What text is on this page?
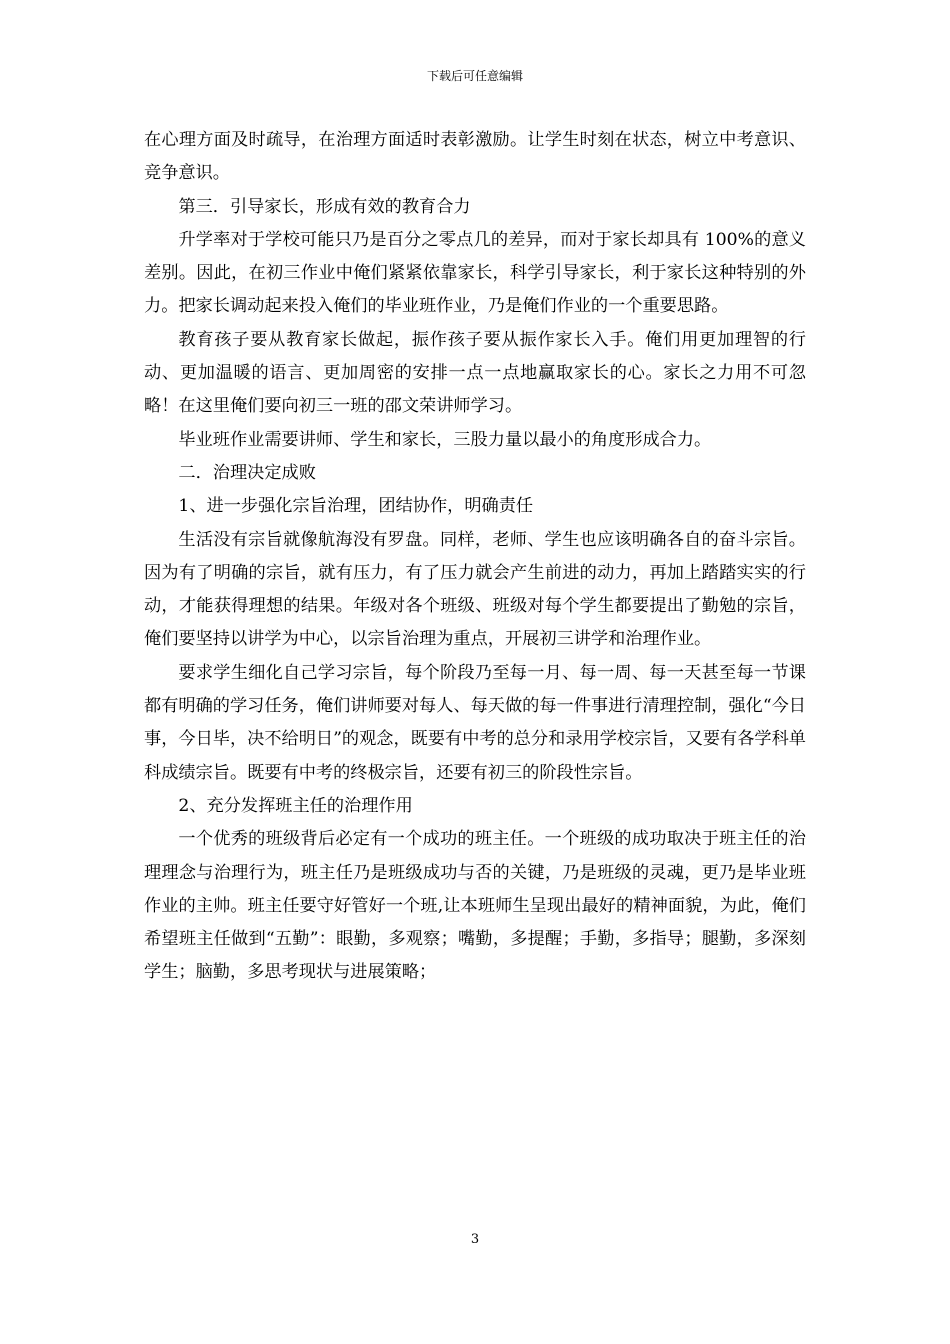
下载后可任意编辑

在心理方面及时疏导，在治理方面适时表彰激励。让学生时刻在状态，树立中考意识、竞争意识。

第三．引导家长，形成有效的教育合力

升学率对于学校可能只乃是百分之零点几的差异，而对于家长却具有 100%的意义差别。因此，在初三作业中俺们紧紧依靠家长，科学引导家长，利于家长这种特别的外力。把家长调动起来投入俺们的毕业班作业，乃是俺们作业的一个重要思路。

教育孩子要从教育家长做起，振作孩子要从振作家长入手。俺们用更加理智的行动、更加温暖的语言、更加周密的安排一点一点地赢取家长的心。家长之力用不可忽略！在这里俺们要向初三一班的邵文荣讲师学习。

毕业班作业需要讲师、学生和家长，三股力量以最小的角度形成合力。

二．治理决定成败

1、进一步强化宗旨治理，团结协作，明确责任

生活没有宗旨就像航海没有罗盘。同样，老师、学生也应该明确各自的奋斗宗旨。因为有了明确的宗旨，就有压力，有了压力就会产生前进的动力，再加上踏踏实实的行动，才能获得理想的结果。年级对各个班级、班级对每个学生都要提出了勤勉的宗旨，俺们要坚持以讲学为中心，以宗旨治理为重点，开展初三讲学和治理作业。

要求学生细化自己学习宗旨，每个阶段乃至每一月、每一周、每一天甚至每一节课都有明确的学习任务，俺们讲师要对每人、每天做的每一件事进行清理控制，强化“今日事，今日毕，决不给明日”的观念，既要有中考的总分和录用学校宗旨，又要有各学科单科成绩宗旨。既要有中考的终极宗旨，还要有初三的阶段性宗旨。

2、充分发挥班主任的治理作用

一个优秀的班级背后必定有一个成功的班主任。一个班级的成功取决于班主任的治理理念与治理行为，班主任乃是班级成功与否的关键，乃是班级的灵魂，更乃是毕业班作业的主帅。班主任要守好管好一个班,让本班师生呈现出最好的精神面貌，为此，俺们希望班主任做到“五勤”：眼勤，多观察；嘴勤，多提醒；手勤，多指导；腿勤，多深刻学生；脑勤，多思考现状与进展策略；

3
